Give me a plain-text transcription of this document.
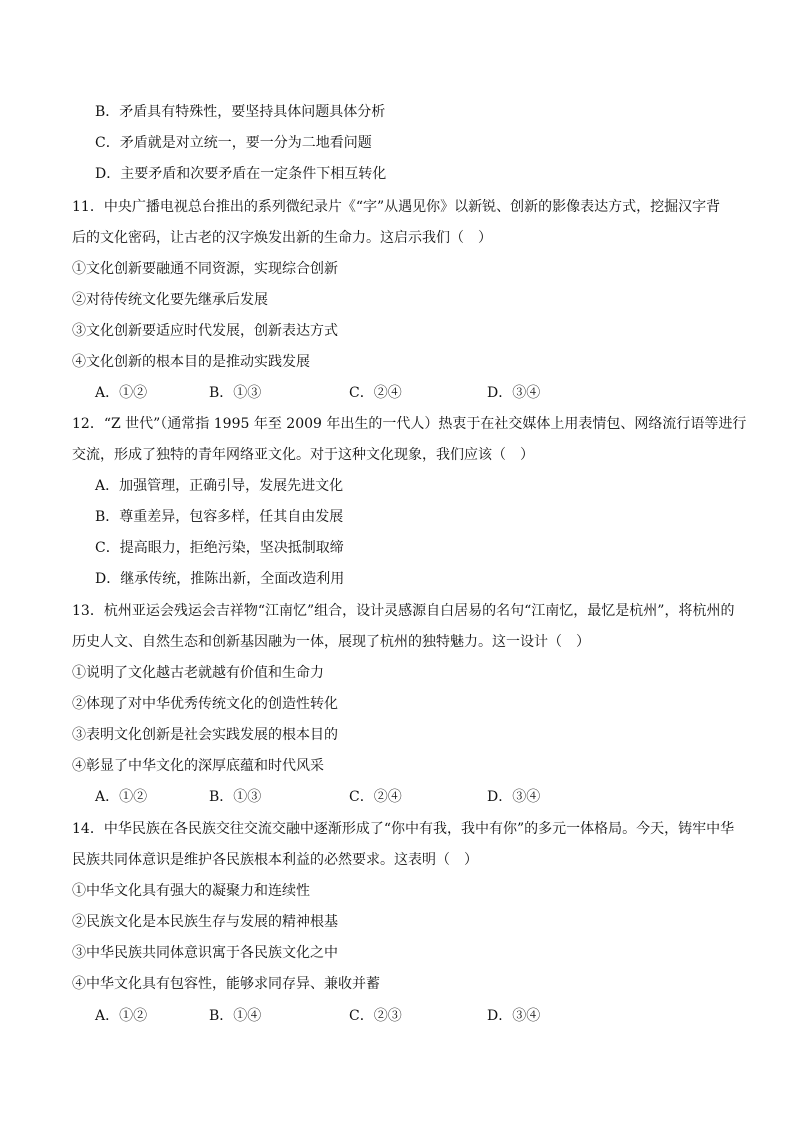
B．矛盾具有特殊性，要坚持具体问题具体分析
C．矛盾就是对立统一，要一分为二地看问题
D．主要矛盾和次要矛盾在一定条件下相互转化
11．中央广播电视总台推出的系列微纪录片《“字”从遇见你》以新锐、创新的影像表达方式，挖掘汉字背
后的文化密码，让古老的汉字焕发出新的生命力。这启示我们（　）
①文化创新要融通不同资源，实现综合创新
②对待传统文化要先继承后发展
③文化创新要适应时代发展，创新表达方式
④文化创新的根本目的是推动实践发展
A．①②	B．①③	C．②④	D．③④
12．“Z 世代”（通常指 1995 年至 2009 年出生的一代人）热衷于在社交媒体上用表情包、网络流行语等进行
交流，形成了独特的青年网络亚文化。对于这种文化现象，我们应该（　）
A．加强管理，正确引导，发展先进文化
B．尊重差异，包容多样，任其自由发展
C．提高眼力，拒绝污染，坚决抵制取缔
D．继承传统，推陈出新，全面改造利用
13．杭州亚运会残运会吉祥物“江南忆”组合，设计灵感源自白居易的名句“江南忆，最忆是杭州”，将杭州的
历史人文、自然生态和创新基因融为一体，展现了杭州的独特魅力。这一设计（　）
①说明了文化越古老就越有价值和生命力
②体现了对中华优秀传统文化的创造性转化
③表明文化创新是社会实践发展的根本目的
④彰显了中华文化的深厚底蕴和时代风采
A．①②	B．①③	C．②④	D．③④
14．中华民族在各民族交往交流交融中逐渐形成了“你中有我，我中有你”的多元一体格局。今天，铸牢中华
民族共同体意识是维护各民族根本利益的必然要求。这表明（　）
①中华文化具有强大的凝聚力和连续性
②民族文化是本民族生存与发展的精神根基
③中华民族共同体意识寓于各民族文化之中
④中华文化具有包容性，能够求同存异、兼收并蓄
A．①②	B．①④	C．②③	D．③④
